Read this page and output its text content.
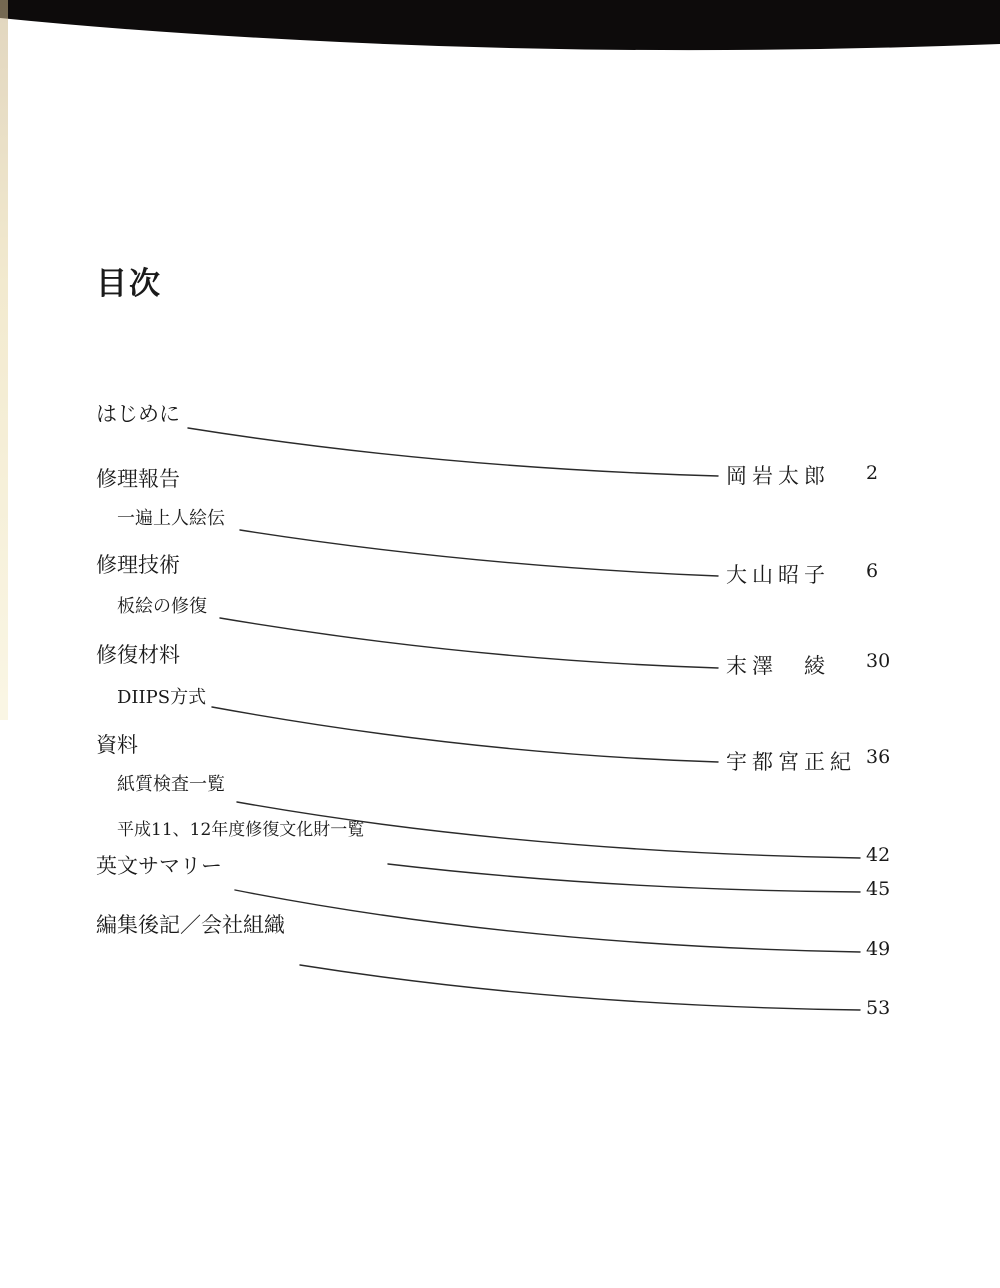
目次
はじめに
岡岩太郎 2
修理報告
一遍上人絵伝
大山昭子 6
修理技術
板絵の修復
末澤　綾 30
修復材料
DIIPS方式
宇都宮正紀 36
資料
紙質検査一覧
42
平成11、12年度修復文化財一覧
45
英文サマリー
49
編集後記／会社組織
53
